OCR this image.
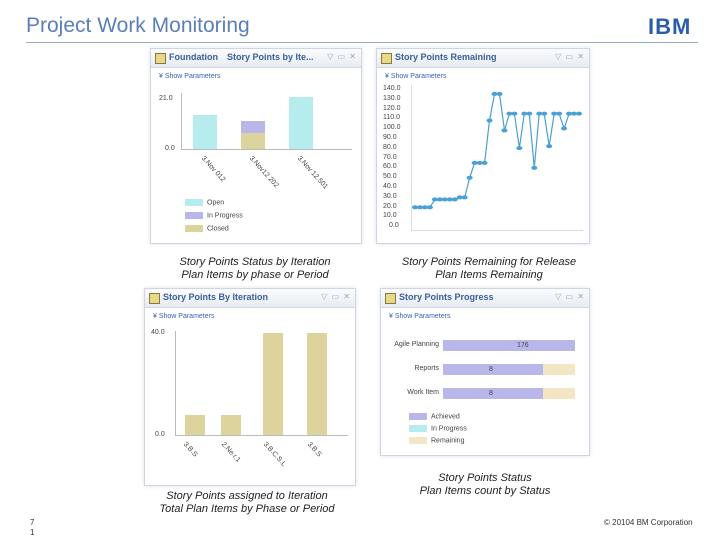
Project Work Monitoring	IBM
Foundation Story Points by Ite... ▽ ▭ ✕
¥ Show Parameters
21.0
0.0
3.Nov 012	3.Nov12 202 3.Nov 12.501
Open
In Progress
Closed
Story Points Status by Iteration
Plan Items by phase or Period
Story Points Remaining	▽ ▭ ✕
¥ Show Parameters
140.0
130.0
120.0
110.0
100.0
90.0
80.0
70.0
60.0
50.0
40.0
30.0
20.0
10.0
0.0
Story Points Remaining for Release
Plan Items Remaining
Story Points By Iteration	▽ ▭ ✕
¥ Show Parameters
40.0
0.0
3.B.S	2.Ne.r.1	3.B.C.S.L	3.B.S
Story Points assigned to Iteration
Total Plan Items by Phase or Period
Story Points Progress	▽ ▭ ✕
¥ Show Parameters
Agile Planning
Reports
Work Item
176
8
8
Achieved
In Progress
Remaining
Story Points Status
Plan Items count by Status
7
1
© 20104 BM Corporation
